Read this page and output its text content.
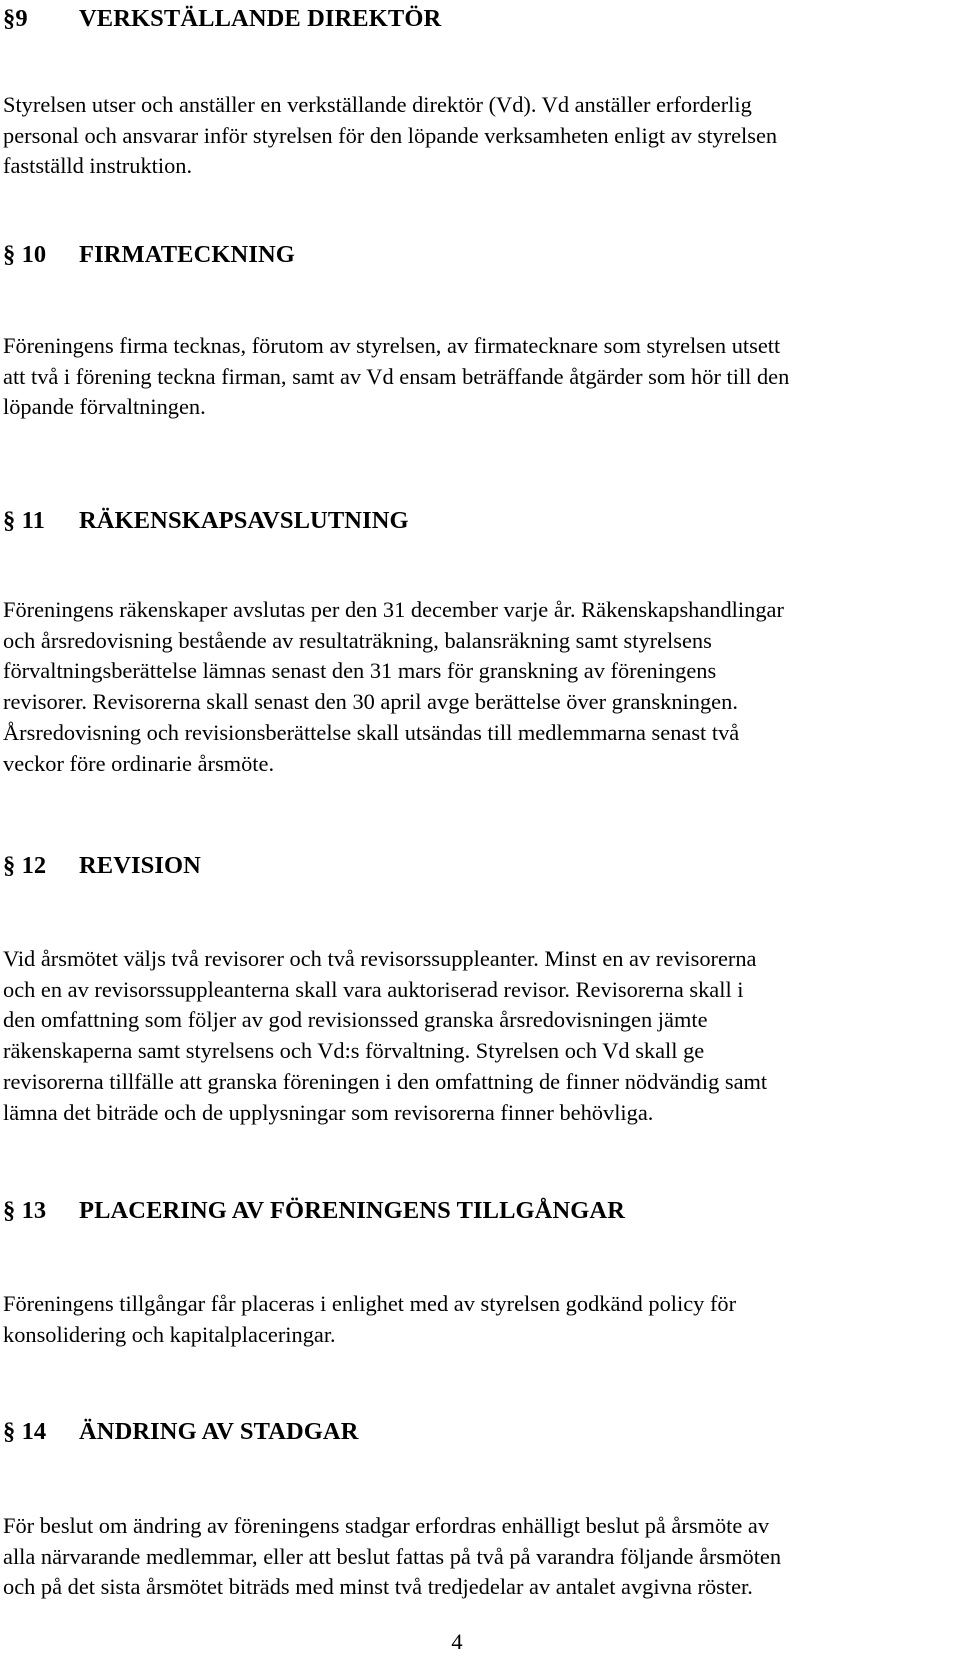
§9 VERKSTÄLLANDE DIREKTÖR
Styrelsen utser och anställer en verkställande direktör (Vd). Vd anställer erforderlig
personal och ansvarar inför styrelsen för den löpande verksamheten enligt av styrelsen
fastställd instruktion.
§ 10 FIRMATECKNING
Föreningens firma tecknas, förutom av styrelsen, av firmatecknare som styrelsen utsett
att två i förening teckna firman, samt av Vd ensam beträffande åtgärder som hör till den
löpande förvaltningen.
§ 11 RÄKENSKAPSAVSLUTNING
Föreningens räkenskaper avslutas per den 31 december varje år. Räkenskapshandlingar
och årsredovisning bestående av resultaträkning, balansräkning samt styrelsens
förvaltningsberättelse lämnas senast den 31 mars för granskning av föreningens
revisorer. Revisorerna skall senast den 30 april avge berättelse över granskningen.
Årsredovisning och revisionsberättelse skall utsändas till medlemmarna senast två
veckor före ordinarie årsmöte.
§ 12 REVISION
Vid årsmötet väljs två revisorer och två revisorssuppleanter. Minst en av revisorerna
och en av revisorssuppleanterna skall vara auktoriserad revisor. Revisorerna skall i
den omfattning som följer av god revisionssed granska årsredovisningen jämte
räkenskaperna samt styrelsens och Vd:s förvaltning. Styrelsen och Vd skall ge
revisorerna tillfälle att granska föreningen i den omfattning de finner nödvändig samt
lämna det biträde och de upplysningar som revisorerna finner behövliga.
§ 13 PLACERING AV FÖRENINGENS TILLGÅNGAR
Föreningens tillgångar får placeras i enlighet med av styrelsen godkänd policy för
konsolidering och kapitalplaceringar.
§ 14 ÄNDRING AV STADGAR
För beslut om ändring av föreningens stadgar erfordras enhälligt beslut på årsmöte av
alla närvarande medlemmar, eller att beslut fattas på två på varandra följande årsmöten
och på det sista årsmötet biträds med minst två tredjedelar av antalet avgivna röster.
4
